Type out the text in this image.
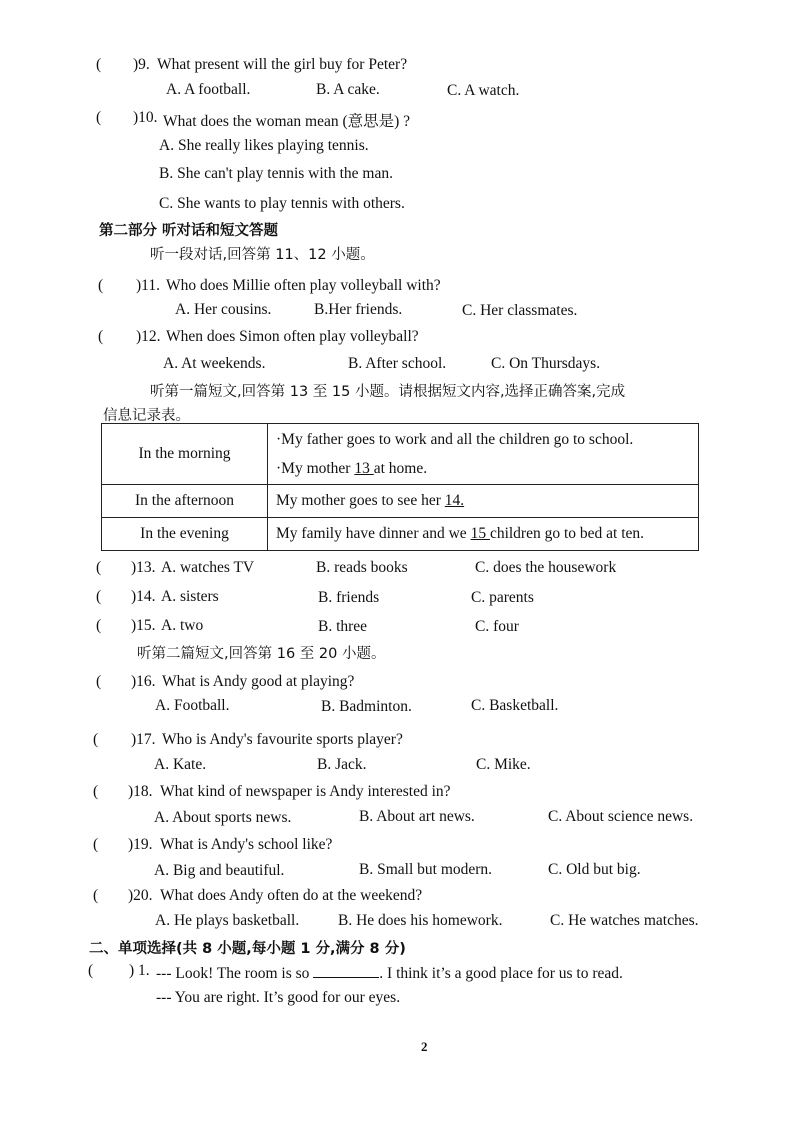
( )9. What present will the girl buy for Peter?
A. A football.	B. A cake.	C. A watch.
( )10. What does the woman mean (意思是) ?
A. She really likes playing tennis.
B. She can't play tennis with the man.
C. She wants to play tennis with others.
第二部分 听对话和短文答题
听一段对话,回答第 11、12 小题。
( )11. Who does Millie often play volleyball with?
A. Her cousins.	B.Her friends.	C. Her classmates.
( )12. When does Simon often play volleyball?
A. At weekends.	B. After school.	C. On Thursdays.
听第一篇短文,回答第 13 至 15 小题。请根据短文内容,选择正确答案,完成
信息记录表。
In the morning	·My father goes to work and all the children go to school.
·My mother 13 at home.

In the afternoon	My mother goes to see her 14.
In the evening	My family have dinner and we 15 children go to bed at ten.
( )13. A. watches TV	B. reads books	C. does the housework
( )14. A. sisters	B. friends	C. parents
( )15. A. two	B. three	C. four
听第二篇短文,回答第 16 至 20 小题。
( )16. What is Andy good at playing?
A. Football.	B. Badminton.	C. Basketball.
( )17. Who is Andy's favourite sports player?
A. Kate.	B. Jack.	C. Mike.
( )18. What kind of newspaper is Andy interested in?
A. About sports news.	B. About art news.	C. About science news.
( )19. What is Andy's school like?
A. Big and beautiful.	B. Small but modern.	C. Old but big.
( )20. What does Andy often do at the weekend?
A. He plays basketball.	B. He does his homework.	C. He watches matches.
二、单项选择(共 8 小题,每小题 1 分,满分 8 分)
( ) 1. --- Look! The room is so	. I think it’s a good place for us to read.
--- You are right. It’s good for our eyes.
2
